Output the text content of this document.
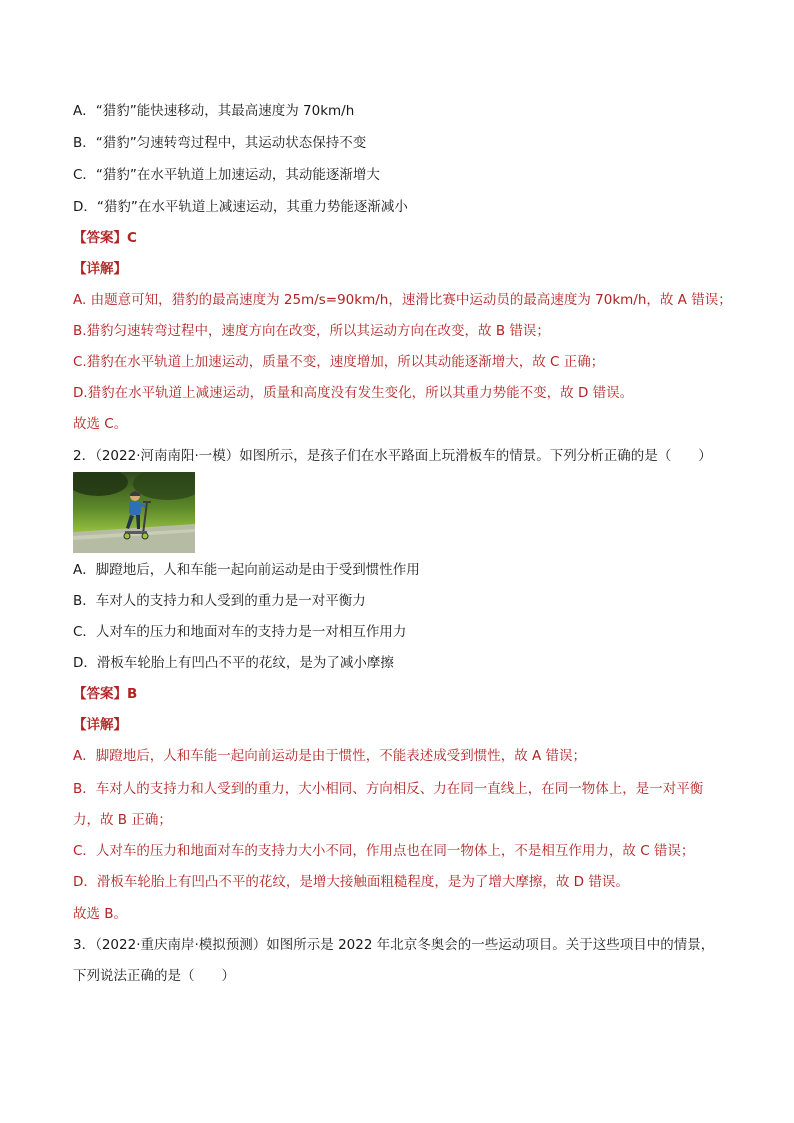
A．“猎豹”能快速移动，其最高速度为 70km/h
B．“猎豹”匀速转弯过程中，其运动状态保持不变
C．“猎豹”在水平轨道上加速运动，其动能逐渐增大
D．“猎豹”在水平轨道上减速运动，其重力势能逐渐减小
【答案】C
【详解】
A. 由题意可知，猎豹的最高速度为 25m/s=90km/h，速滑比赛中运动员的最高速度为 70km/h，故 A 错误；
B.猎豹匀速转弯过程中，速度方向在改变，所以其运动方向在改变，故 B 错误；
C.猎豹在水平轨道上加速运动，质量不变，速度增加，所以其动能逐渐增大，故 C 正确；
D.猎豹在水平轨道上减速运动，质量和高度没有发生变化，所以其重力势能不变，故 D 错误。
故选 C。
2．（2022·河南南阳·一模）如图所示，是孩子们在水平路面上玩滑板车的情景。下列分析正确的是（　　）
A．脚蹬地后，人和车能一起向前运动是由于受到惯性作用
B．车对人的支持力和人受到的重力是一对平衡力
C．人对车的压力和地面对车的支持力是一对相互作用力
D．滑板车轮胎上有凹凸不平的花纹，是为了减小摩擦
【答案】B
【详解】
A．脚蹬地后，人和车能一起向前运动是由于惯性，不能表述成受到惯性，故 A 错误；
B．车对人的支持力和人受到的重力，大小相同、方向相反、力在同一直线上，在同一物体上，是一对平衡
力，故 B 正确；
C．人对车的压力和地面对车的支持力大小不同，作用点也在同一物体上，不是相互作用力，故 C 错误；
D．滑板车轮胎上有凹凸不平的花纹，是增大接触面粗糙程度，是为了增大摩擦，故 D 错误。
故选 B。
3．（2022·重庆南岸·模拟预测）如图所示是 2022 年北京冬奥会的一些运动项目。关于这些项目中的情景，
下列说法正确的是（　　）
